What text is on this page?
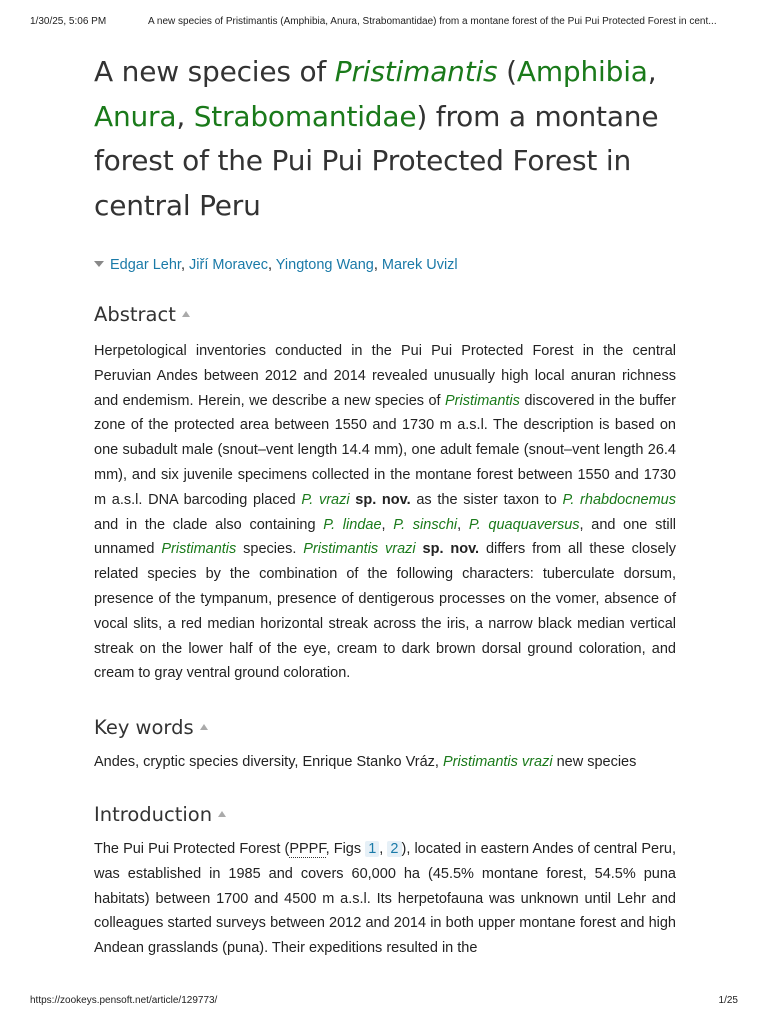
1/30/25, 5:06 PM	A new species of Pristimantis (Amphibia, Anura, Strabomantidae) from a montane forest of the Pui Pui Protected Forest in cent...
A new species of Pristimantis (Amphibia,
Anura, Strabomantidae) from a montane forest of the Pui Pui Protected Forest in central Peru
Edgar Lehr, Jiří Moravec, Yingtong Wang, Marek Uvizl
Abstract

Herpetological inventories conducted in the Pui Pui Protected Forest in the central Peruvian Andes between 2012 and 2014 revealed unusually high local anuran richness and endemism. Herein, we describe a new species of Pristimantis discovered in the buffer zone of the protected area between 1550 and 1730 m a.s.l. The description is based on one subadult male (snout–vent length 14.4 mm), one adult female (snout–vent length 26.4 mm), and six juvenile specimens collected in the montane forest between 1550 and 1730 m a.s.l. DNA barcoding placed P. vrazi sp. nov. as the sister taxon to P. rhabdocnemus and in the clade also containing P. lindae, P. sinschi, P. quaquaversus, and one still unnamed Pristimantis species. Pristimantis vrazi sp. nov. differs from all these closely related species by the combination of the following characters: tuberculate dorsum, presence of the tympanum, presence of dentigerous processes on the vomer, absence of vocal slits, a red median horizontal streak across the iris, a narrow black median vertical streak on the lower half of the eye, cream to dark brown dorsal ground coloration, and cream to gray ventral ground coloration.

Key words

Andes, cryptic species diversity, Enrique Stanko Vráz, Pristimantis vrazi new species

Introduction

The Pui Pui Protected Forest (PPPF, Figs 1 , 2 ), located in eastern Andes of central Peru, was established in 1985 and covers 60,000 ha (45.5% montane forest, 54.5% puna habitats) between 1700 and 4500 m a.s.l. Its herpetofauna was unknown until Lehr and colleagues started surveys between 2012 and 2014 in both upper montane forest and high Andean grasslands (puna). Their expeditions resulted in the

https://zookeys.pensoft.net/article/129773/	1/25
